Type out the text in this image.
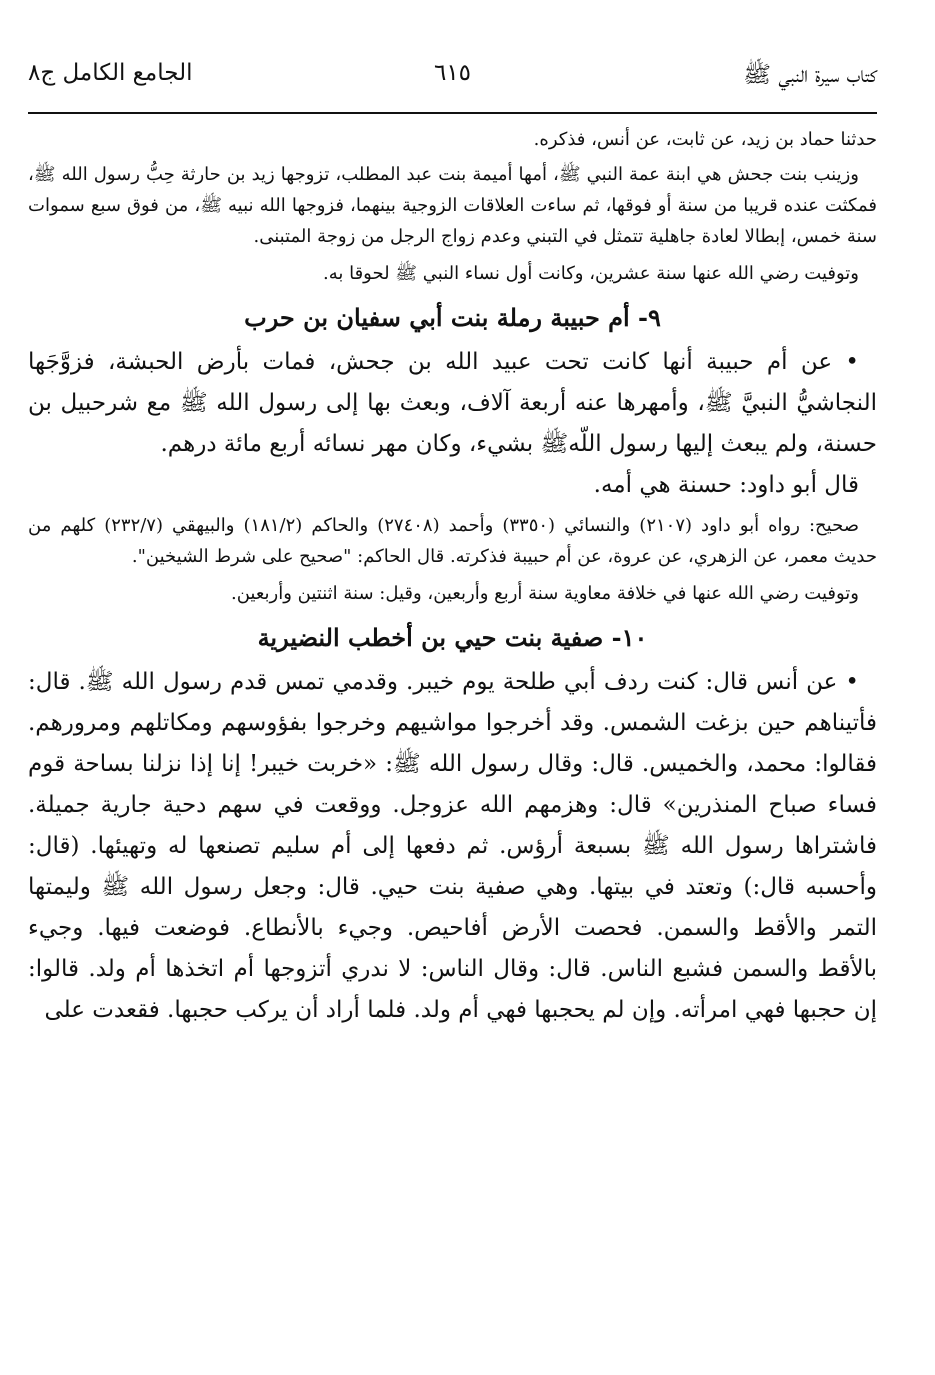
كتاب سيرة النبي ﷺ
٦١٥
الجامع الكامل ج٨

حدثنا حماد بن زيد، عن ثابت، عن أنس، فذكره.

وزينب بنت جحش هي ابنة عمة النبي ﷺ، أمها أميمة بنت عبد المطلب، تزوجها زيد بن حارثة حِبُّ رسول الله ﷺ، فمكثت عنده قريبا من سنة أو فوقها، ثم ساءت العلاقات الزوجية بينهما، فزوجها الله نبيه ﷺ، من فوق سبع سموات سنة خمس، إبطالا لعادة جاهلية تتمثل في التبني وعدم زواج الرجل من زوجة المتبنى.

وتوفيت رضي الله عنها سنة عشرين، وكانت أول نساء النبي ﷺ لحوقا به.

٩- أم حبيبة رملة بنت أبي سفيان بن حرب

• عن أم حبيبة أنها كانت تحت عبيد الله بن جحش، فمات بأرض الحبشة، فزوَّجَها النجاشيُّ النبيَّ ﷺ، وأمهرها عنه أربعة آلاف، وبعث بها إلى رسول الله ﷺ مع شرحبيل بن حسنة، ولم يبعث إليها رسول اللّهﷺ بشيء، وكان مهر نسائه أربع مائة درهم.

قال أبو داود: حسنة هي أمه.

صحيح: رواه أبو داود (٢١٠٧) والنسائي (٣٣٥٠) وأحمد (٢٧٤٠٨) والحاكم (١٨١/٢) والبيهقي (٢٣٢/٧) كلهم من حديث معمر، عن الزهري، عن عروة، عن أم حبيبة فذكرته. قال الحاكم: "صحيح على شرط الشيخين".

وتوفيت رضي الله عنها في خلافة معاوية سنة أربع وأربعين، وقيل: سنة اثنتين وأربعين.

١٠- صفية بنت حيي بن أخطب النضيرية

• عن أنس قال: كنت ردف أبي طلحة يوم خيبر. وقدمي تمس قدم رسول الله ﷺ. قال: فأتيناهم حين بزغت الشمس. وقد أخرجوا مواشيهم وخرجوا بفؤوسهم ومكاتلهم ومرورهم. فقالوا: محمد، والخميس. قال: وقال رسول الله ﷺ: «خربت خيبر! إنا إذا نزلنا بساحة قوم فساء صباح المنذرين» قال: وهزمهم الله عزوجل. ووقعت في سهم دحية جارية جميلة. فاشتراها رسول الله ﷺ بسبعة أرؤس. ثم دفعها إلى أم سليم تصنعها له وتهيئها. (قال: وأحسبه قال:) وتعتد في بيتها. وهي صفية بنت حيي. قال: وجعل رسول الله ﷺ وليمتها التمر والأقط والسمن. فحصت الأرض أفاحيص. وجيء بالأنطاع. فوضعت فيها. وجيء بالأقط والسمن فشبع الناس. قال: وقال الناس: لا ندري أتزوجها أم اتخذها أم ولد. قالوا: إن حجبها فهي امرأته. وإن لم يحجبها فهي أم ولد. فلما أراد أن يركب حجبها. فقعدت على
